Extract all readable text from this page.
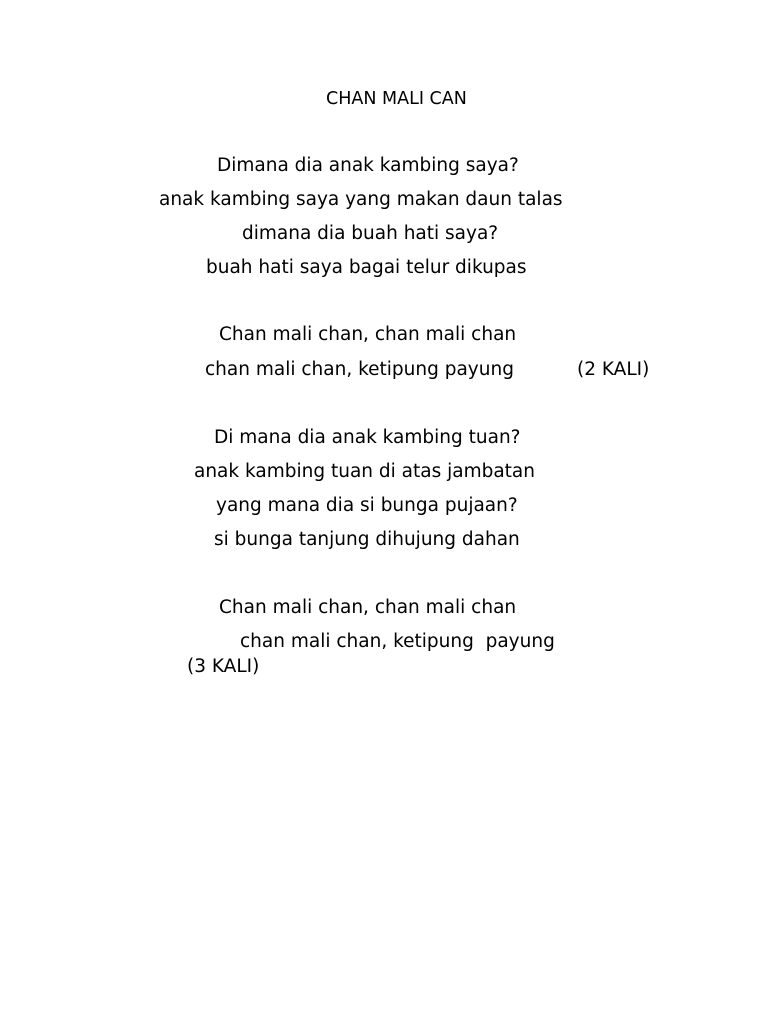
CHAN MALI CAN
Dimana dia anak kambing saya?
anak kambing saya yang makan daun talas
dimana dia buah hati saya?
buah hati saya bagai telur dikupas
Chan mali chan, chan mali chan
chan mali chan, ketipung payung	(2 KALI)
Di mana dia anak kambing tuan?
anak kambing tuan di atas jambatan
yang mana dia si bunga pujaan?
si bunga tanjung dihujung dahan
Chan mali chan, chan mali chan
chan mali chan, ketipung  payung
(3 KALI)
